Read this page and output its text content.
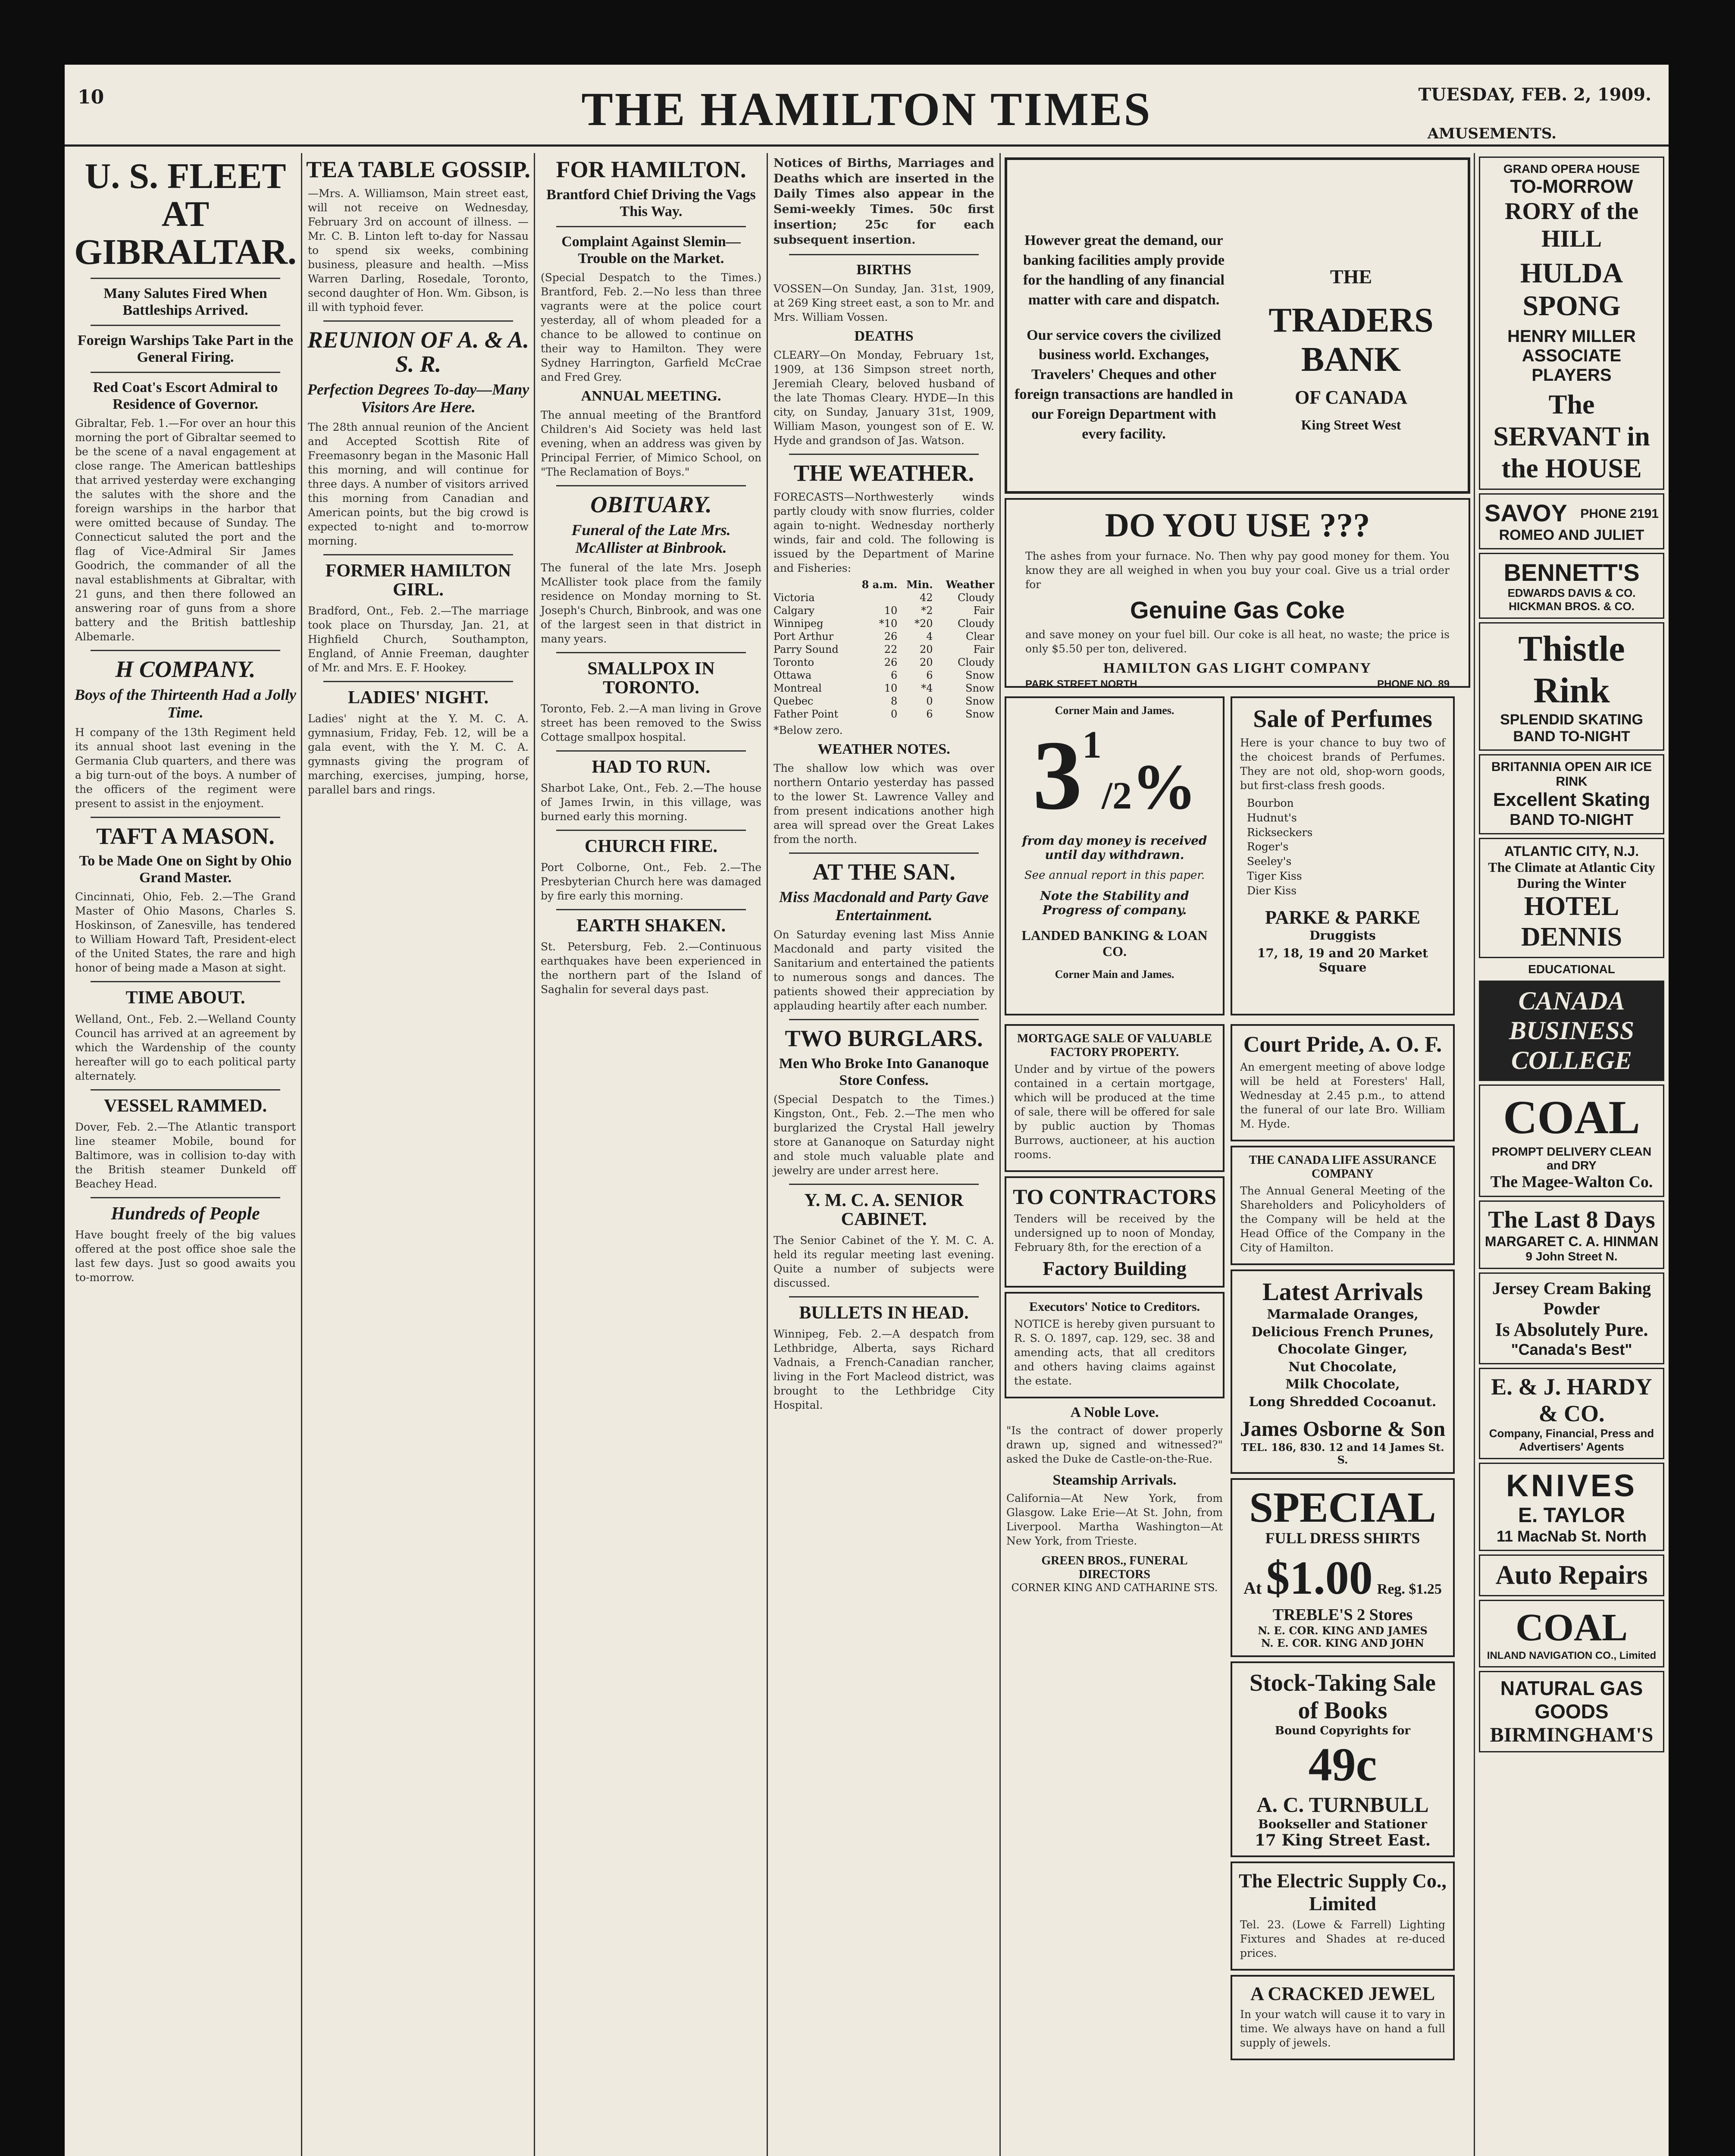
10	THE HAMILTON TIMES	TUESDAY, FEB. 2, 1909.
AMUSEMENTS.
U. S. FLEET AT GIBRALTAR.
Many Salutes Fired When Battleships Arrived.
Foreign Warships Take Part in the General Firing.
Red Coat's Escort Admiral to Residence of Governor.
Gibraltar, Feb. 1.—For over an hour this morning the port of Gibraltar seemed to be the scene of a naval engagement at close range. The American battleships that arrived yesterday were exchanging the salutes with the shore and the foreign warships in the harbor that were omitted because of Sunday. The Connecticut saluted the port and the flag of Vice-Admiral Sir James Goodrich, the commander of all the naval establishments at Gibraltar, with 21 guns, and then there followed an answering roar of guns from a shore battery and the British battleship Albemarle.
H COMPANY.
Boys of the Thirteenth Had a Jolly Time.
H company of the 13th Regiment held its annual shoot last evening in the Germania Club quarters, and there was a big turn-out of the boys. A number of the officers of the regiment were present to assist in the enjoyment.
TAFT A MASON.
To be Made One on Sight by Ohio Grand Master.
Cincinnati, Ohio, Feb. 2.—The Grand Master of Ohio Masons, Charles S. Hoskinson, of Zanesville, has tendered to William Howard Taft, President-elect of the United States, the rare and high honor of being made a Mason at sight.
TIME ABOUT.
Welland, Ont., Feb. 2.—Welland County Council has arrived at an agreement by which the Wardenship of the county hereafter will go to each political party alternately.
VESSEL RAMMED.
Dover, Feb. 2.—The Atlantic transport line steamer Mobile, bound for Baltimore, was in collision to-day with the British steamer Dunkeld off Beachey Head.
Hundreds of People
Have bought freely of the big values offered at the post office shoe sale the last few days. Just so good awaits you to-morrow.
TEA TABLE GOSSIP.
—Mrs. A. Williamson, Main street east, will not receive on Wednesday, February 3rd on account of illness. —Mr. C. B. Linton left to-day for Nassau to spend six weeks, combining business, pleasure and health. —Miss Warren Darling, Rosedale, Toronto, second daughter of Hon. Wm. Gibson, is ill with typhoid fever.
REUNION OF A. & A. S. R.
Perfection Degrees To-day—Many Visitors Are Here.
The 28th annual reunion of the Ancient and Accepted Scottish Rite of Freemasonry began in the Masonic Hall this morning, and will continue for three days. A number of visitors arrived this morning from Canadian and American points, but the big crowd is expected to-night and to-morrow morning.
FORMER HAMILTON GIRL.
Bradford, Ont., Feb. 2.—The marriage took place on Thursday, Jan. 21, at Highfield Church, Southampton, England, of Annie Freeman, daughter of Mr. and Mrs. E. F. Hookey.
LADIES' NIGHT.
Ladies' night at the Y. M. C. A. gymnasium, Friday, Feb. 12, will be a gala event, with the Y. M. C. A. gymnasts giving the program of marching, exercises, jumping, horse, parallel bars and rings.
FOR HAMILTON.
Brantford Chief Driving the Vags This Way.
Complaint Against Slemin—Trouble on the Market.
(Special Despatch to the Times.) Brantford, Feb. 2.—No less than three vagrants were at the police court yesterday, all of whom pleaded for a chance to be allowed to continue on their way to Hamilton. They were Sydney Harrington, Garfield McCrae and Fred Grey.
ANNUAL MEETING.
The annual meeting of the Brantford Children's Aid Society was held last evening, when an address was given by Principal Ferrier, of Mimico School, on "The Reclamation of Boys."
OBITUARY.
Funeral of the Late Mrs. McAllister at Binbrook.
The funeral of the late Mrs. Joseph McAllister took place from the family residence on Monday morning to St. Joseph's Church, Binbrook, and was one of the largest seen in that district in many years.
SMALLPOX IN TORONTO.
Toronto, Feb. 2.—A man living in Grove street has been removed to the Swiss Cottage smallpox hospital.
HAD TO RUN.
Sharbot Lake, Ont., Feb. 2.—The house of James Irwin, in this village, was burned early this morning.
CHURCH FIRE.
Port Colborne, Ont., Feb. 2.—The Presbyterian Church here was damaged by fire early this morning.
EARTH SHAKEN.
St. Petersburg, Feb. 2.—Continuous earthquakes have been experienced in the northern part of the Island of Saghalin for several days past.
Notices of Births, Marriages and Deaths which are inserted in the Daily Times also appear in the Semi-weekly Times. 50c first insertion; 25c for each subsequent insertion.
BIRTHS
VOSSEN—On Sunday, Jan. 31st, 1909, at 269 King street east, a son to Mr. and Mrs. William Vossen.
DEATHS
CLEARY—On Monday, February 1st, 1909, at 136 Simpson street north, Jeremiah Cleary, beloved husband of the late Thomas Cleary. HYDE—In this city, on Sunday, January 31st, 1909, William Mason, youngest son of E. W. Hyde and grandson of Jas. Watson.
THE WEATHER.
FORECASTS—Northwesterly winds partly cloudy with snow flurries, colder again to-night. Wednesday northerly winds, fair and cold. The following is issued by the Department of Marine and Fisheries:
	8 a.m.	Min.	Weather
Victoria		42	Cloudy
Calgary	10	*2	Fair
Winnipeg	*10	*20	Cloudy
Port Arthur	26	4	Clear
Parry Sound	22	20	Fair
Toronto	26	20	Cloudy
Ottawa	6	6	Snow
Montreal	10	*4	Snow
Quebec	8	0	Snow
Father Point	0	6	Snow
*Below zero.
WEATHER NOTES.
The shallow low which was over northern Ontario yesterday has passed to the lower St. Lawrence Valley and from present indications another high area will spread over the Great Lakes from the north.
AT THE SAN.
Miss Macdonald and Party Gave Entertainment.
On Saturday evening last Miss Annie Macdonald and party visited the Sanitarium and entertained the patients to numerous songs and dances. The patients showed their appreciation by applauding heartily after each number.
TWO BURGLARS.
Men Who Broke Into Gananoque Store Confess.
(Special Despatch to the Times.) Kingston, Ont., Feb. 2.—The men who burglarized the Crystal Hall jewelry store at Gananoque on Saturday night and stole much valuable plate and jewelry are under arrest here.
Y. M. C. A. SENIOR CABINET.
The Senior Cabinet of the Y. M. C. A. held its regular meeting last evening. Quite a number of subjects were discussed.
BULLETS IN HEAD.
Winnipeg, Feb. 2.—A despatch from Lethbridge, Alberta, says Richard Vadnais, a French-Canadian rancher, living in the Fort Macleod district, was brought to the Lethbridge City Hospital.
However great the demand, our banking facilities amply provide for the handling of any financial matter with care and dispatch.
Our service covers the civilized business world. Exchanges, Travelers' Cheques and other foreign transactions are handled in our Foreign Department with every facility.
THE
TRADERS BANK
OF CANADA
King Street West
DO YOU USE ???
The ashes from your furnace. No. Then why pay good money for them. You know they are all weighed in when you buy your coal. Give us a trial order for
Genuine Gas Coke
and save money on your fuel bill. Our coke is all heat, no waste; the price is only $5.50 per ton, delivered.
HAMILTON GAS LIGHT COMPANY
PARK STREET NORTH	PHONE NO. 89
Corner Main and James.
$3^1/2\%$
from day money is received until day withdrawn.
See annual report in this paper.
Note the Stability and Progress of company.
LANDED BANKING & LOAN CO.
Corner Main and James.
Sale of Perfumes
Here is your chance to buy two of the choicest brands of Perfumes. They are not old, shop-worn goods, but first-class fresh goods.
Bourbon
Hudnut's
Rickseckers
Roger's
Seeley's
Tiger Kiss
Dier Kiss
PARKE & PARKE
Druggists
17, 18, 19 and 20 Market Square
MORTGAGE SALE OF VALUABLE FACTORY PROPERTY.
Under and by virtue of the powers contained in a certain mortgage, which will be produced at the time of sale, there will be offered for sale by public auction by Thomas Burrows, auctioneer, at his auction rooms.
TO CONTRACTORS
Tenders will be received by the undersigned up to noon of Monday, February 8th, for the erection of a
Factory Building
Executors' Notice to Creditors.
NOTICE is hereby given pursuant to R. S. O. 1897, cap. 129, sec. 38 and amending acts, that all creditors and others having claims against the estate.
A Noble Love.
"Is the contract of dower properly drawn up, signed and witnessed?" asked the Duke de Castle-on-the-Rue.
Steamship Arrivals.
California—At New York, from Glasgow. Lake Erie—At St. John, from Liverpool. Martha Washington—At New York, from Trieste.
GREEN BROS., FUNERAL DIRECTORS
CORNER KING AND CATHARINE STS.
Court Pride, A. O. F.
An emergent meeting of above lodge will be held at Foresters' Hall, Wednesday at 2.45 p.m., to attend the funeral of our late Bro. William M. Hyde.
THE CANADA LIFE ASSURANCE COMPANY
The Annual General Meeting of the Shareholders and Policyholders of the Company will be held at the Head Office of the Company in the City of Hamilton.
Latest Arrivals
Marmalade Oranges,
Delicious French Prunes,
Chocolate Ginger,
Nut Chocolate,
Milk Chocolate,
Long Shredded Cocoanut.
James Osborne & Son
TEL. 186, 830. 12 and 14 James St. S.
SPECIAL
FULL DRESS SHIRTS
At $1.00 Reg. $1.25
TREBLE'S 2 Stores
N. E. COR. KING AND JAMES
N. E. COR. KING AND JOHN
Stock-Taking Sale of Books
Bound Copyrights for
49c
A. C. TURNBULL
Bookseller and Stationer
17 King Street East.
The Electric Supply Co., Limited
Tel. 23. (Lowe & Farrell) Lighting Fixtures and Shades at re-duced prices.
A CRACKED JEWEL
In your watch will cause it to vary in time. We always have on hand a full supply of jewels.
GRAND OPERA HOUSE
TO-MORROW
RORY of the HILL
HULDA SPONG
HENRY MILLER ASSOCIATE PLAYERS
The SERVANT in the HOUSE
SAVOY PHONE 2191
ROMEO AND JULIET
BENNETT'S
EDWARDS DAVIS & CO. HICKMAN BROS. & CO.
Thistle Rink
SPLENDID SKATING
BAND TO-NIGHT
BRITANNIA OPEN AIR ICE RINK
Excellent Skating
BAND TO-NIGHT
ATLANTIC CITY, N.J.
The Climate at Atlantic City During the Winter
HOTEL DENNIS
EDUCATIONAL
CANADA BUSINESS COLLEGE
COAL
PROMPT DELIVERY CLEAN and DRY
The Magee-Walton Co.
The Last 8 Days
MARGARET C. A. HINMAN
9 John Street N.
Jersey Cream Baking Powder
Is Absolutely Pure.
"Canada's Best"
E. & J. HARDY & CO.
Company, Financial, Press and Advertisers' Agents
KNIVES
E. TAYLOR
11 MacNab St. North
Auto Repairs
COAL
INLAND NAVIGATION CO., Limited
NATURAL GAS GOODS
BIRMINGHAM'S
